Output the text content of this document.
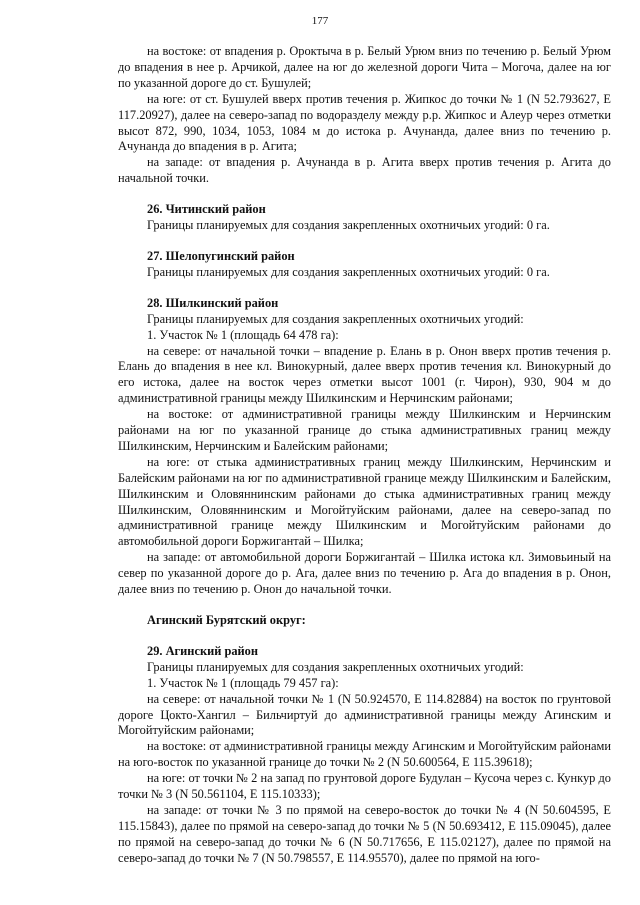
177
на востоке: от впадения р. Ороктыча в р. Белый Урюм вниз по течению р. Белый Урюм до впадения в нее р. Арчикой, далее на юг до железной дороги Чита – Могоча, далее на юг по указанной дороге до ст. Бушулей;
на юге: от ст. Бушулей вверх против течения р. Жипкос до точки № 1 (N 52.793627, E 117.20927), далее на северо-запад по водоразделу между р.р. Жипкос и Алеур через отметки высот 872, 990, 1034, 1053, 1084 м до истока р. Ачунанда, далее вниз по течению р. Ачунанда до впадения в р. Агита;
на западе: от впадения р. Ачунанда в р. Агита вверх против течения р. Агита до начальной точки.
26. Читинский район
Границы планируемых для создания закрепленных охотничьих угодий: 0 га.
27. Шелопугинский район
Границы планируемых для создания закрепленных охотничьих угодий: 0 га.
28. Шилкинский район
Границы планируемых для создания закрепленных охотничьих угодий:
1. Участок № 1 (площадь 64 478 га):
на севере: от начальной точки – впадение р. Елань в р. Онон вверх против течения р. Елань до впадения в нее кл. Винокурный, далее вверх против течения кл. Винокурный до его истока, далее на восток через отметки высот 1001 (г. Чирон), 930, 904 м до административной границы между Шилкинским и Нерчинским районами;
на востоке: от административной границы между Шилкинским и Нерчинским районами на юг по указанной границе до стыка административных границ между Шилкинским, Нерчинским и Балейским районами;
на юге: от стыка административных границ между Шилкинским, Нерчинским и Балейским районами на юг по административной границе между Шилкинским и Балейским, Шилкинским и Оловяннинским районами до стыка административных границ между Шилкинским, Оловяннинским и Могойтуйским районами, далее на северо-запад по административной границе между Шилкинским и Могойтуйским районами до автомобильной дороги Боржигантай – Шилка;
на западе: от автомобильной дороги Боржигантай – Шилка истока кл. Зимовьиный на север по указанной дороге до р. Ага, далее вниз по течению р. Ага до впадения в р. Онон, далее вниз по течению р. Онон до начальной точки.
Агинский Бурятский округ:
29. Агинский район
Границы планируемых для создания закрепленных охотничьих угодий:
1. Участок № 1 (площадь 79 457 га):
на севере: от начальной точки № 1 (N 50.924570, E 114.82884) на восток по грунтовой дороге Цокто-Хангил – Бильчиртуй до административной границы между Агинским и Могойтуйским районами;
на востоке: от административной границы между Агинским и Могойтуйским районами на юго-восток по указанной границе до точки № 2 (N 50.600564, E 115.39618);
на юге: от точки № 2 на запад по грунтовой дороге Будулан – Кусоча через с. Кункур до точки № 3 (N 50.561104, E 115.10333);
на западе: от точки № 3 по прямой на северо-восток до точки № 4 (N 50.604595, E 115.15843), далее по прямой на северо-запад до точки № 5 (N 50.693412, E 115.09045), далее по прямой на северо-запад до точки № 6 (N 50.717656, E 115.02127), далее по прямой на северо-запад до точки № 7 (N 50.798557, E 114.95570), далее по прямой на юго-
